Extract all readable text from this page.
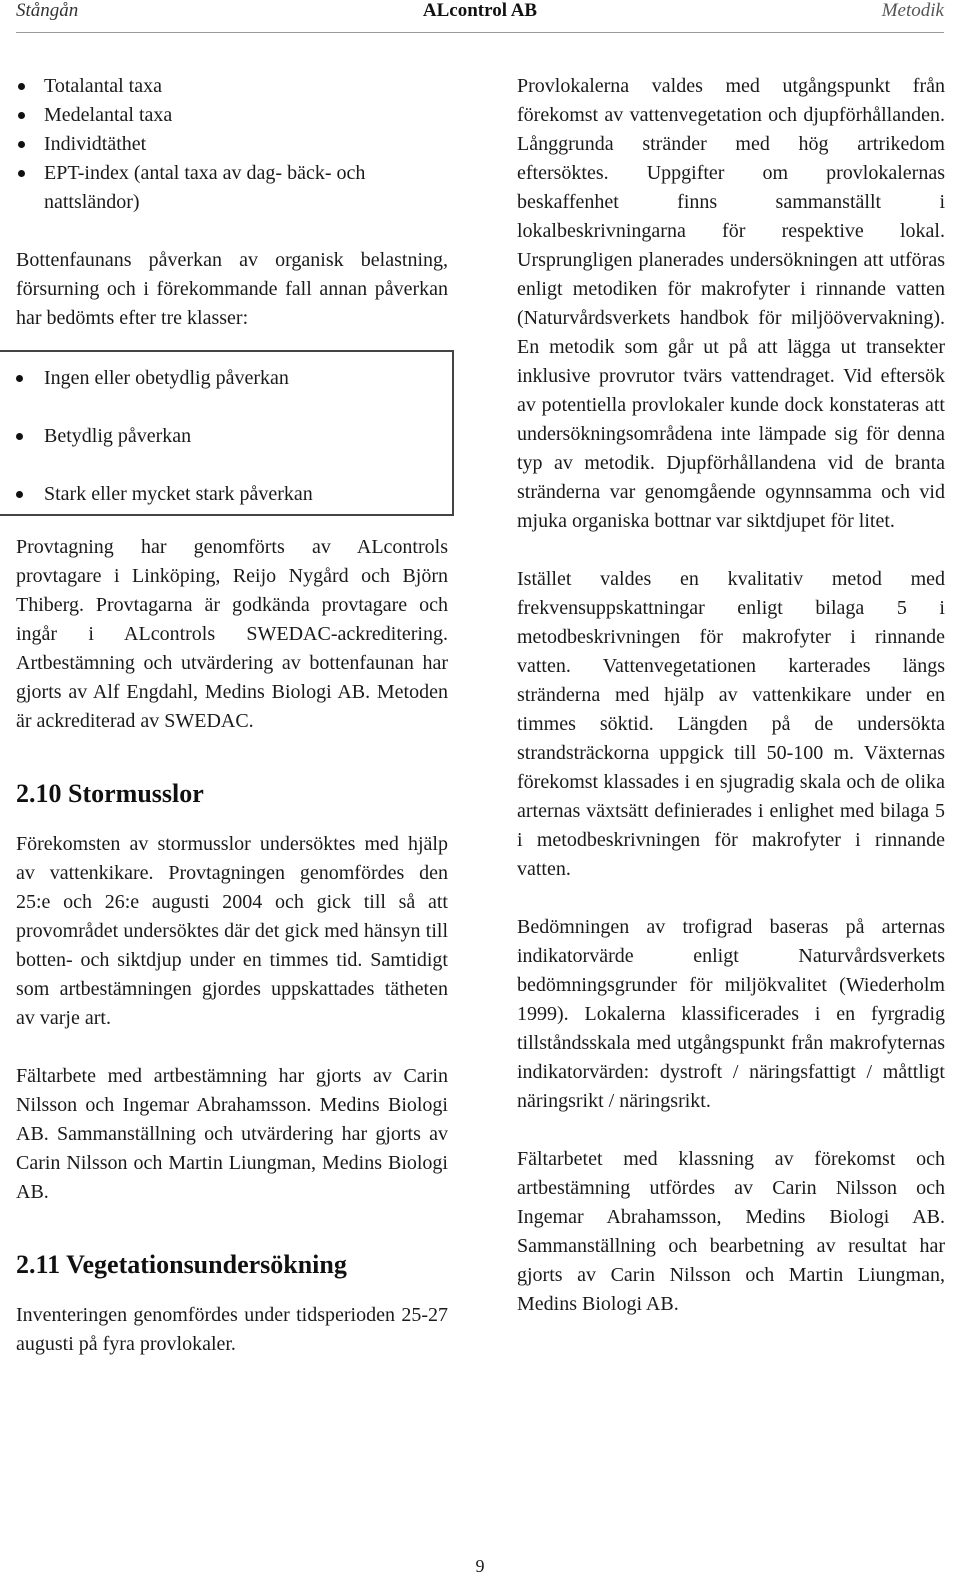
Stångån	ALcontrol AB	Metodik
Totalantal taxa
Medelantal taxa
Individtäthet
EPT-index (antal taxa av dag- bäck- och nattsländor)

Bottenfaunans påverkan av organisk belastning, försurning och i förekommande fall annan påverkan har bedömts efter tre klasser:

Ingen eller obetydlig påverkan
Betydlig påverkan
Stark eller mycket stark påverkan

Provtagning har genomförts av ALcontrols provtagare i Linköping, Reijo Nygård och Björn Thiberg. Provtagarna är godkända provtagare och ingår i ALcontrols SWEDAC-ackreditering. Artbestämning och utvärdering av bottenfaunan har gjorts av Alf Engdahl, Medins Biologi AB. Metoden är ackrediterad av SWEDAC.

2.10 Stormusslor

Förekomsten av stormusslor undersöktes med hjälp av vattenkikare. Provtagningen genomfördes den 25:e och 26:e augusti 2004 och gick till så att provområdet undersöktes där det gick med hänsyn till botten- och siktdjup under en timmes tid. Samtidigt som artbestämningen gjordes uppskattades tätheten av varje art.

Fältarbete med artbestämning har gjorts av Carin Nilsson och Ingemar Abrahamsson. Medins Biologi AB. Sammanställning och utvärdering har gjorts av Carin Nilsson och Martin Liungman, Medins Biologi AB.

2.11 Vegetationsundersökning

Inventeringen genomfördes under tidsperioden 25-27 augusti på fyra provlokaler.

Provlokalerna valdes med utgångspunkt från förekomst av vattenvegetation och djupförhållanden. Långgrunda stränder med hög artrikedom eftersöktes. Uppgifter om provlokalernas beskaffenhet finns sammanställt i lokalbeskrivningarna för respektive lokal. Ursprungligen planerades undersökningen att utföras enligt metodiken för makrofyter i rinnande vatten (Naturvårdsverkets handbok för miljöövervakning). En metodik som går ut på att lägga ut transekter inklusive provrutor tvärs vattendraget. Vid eftersök av potentiella provlokaler kunde dock konstateras att undersökningsområdena inte lämpade sig för denna typ av metodik. Djupförhållandena vid de branta stränderna var genomgående ogynnsamma och vid mjuka organiska bottnar var siktdjupet för litet.

Istället valdes en kvalitativ metod med frekvensuppskattningar enligt bilaga 5 i metodbeskrivningen för makrofyter i rinnande vatten. Vattenvegetationen karterades längs stränderna med hjälp av vattenkikare under en timmes söktid. Längden på de undersökta strandsträckorna uppgick till 50-100 m. Växternas förekomst klassades i en sjugradig skala och de olika arternas växtsätt definierades i enlighet med bilaga 5 i metodbeskrivningen för makrofyter i rinnande vatten.

Bedömningen av trofigrad baseras på arternas indikatorvärde enligt Naturvårdsverkets bedömningsgrunder för miljökvalitet (Wiederholm 1999). Lokalerna klassificerades i en fyrgradig tillståndsskala med utgångspunkt från makrofyternas indikatorvärden: dystroft / näringsfattigt / måttligt näringsrikt / näringsrikt.

Fältarbetet med klassning av förekomst och artbestämning utfördes av Carin Nilsson och Ingemar Abrahamsson, Medins Biologi AB. Sammanställning och bearbetning av resultat har gjorts av Carin Nilsson och Martin Liungman, Medins Biologi AB.

9
